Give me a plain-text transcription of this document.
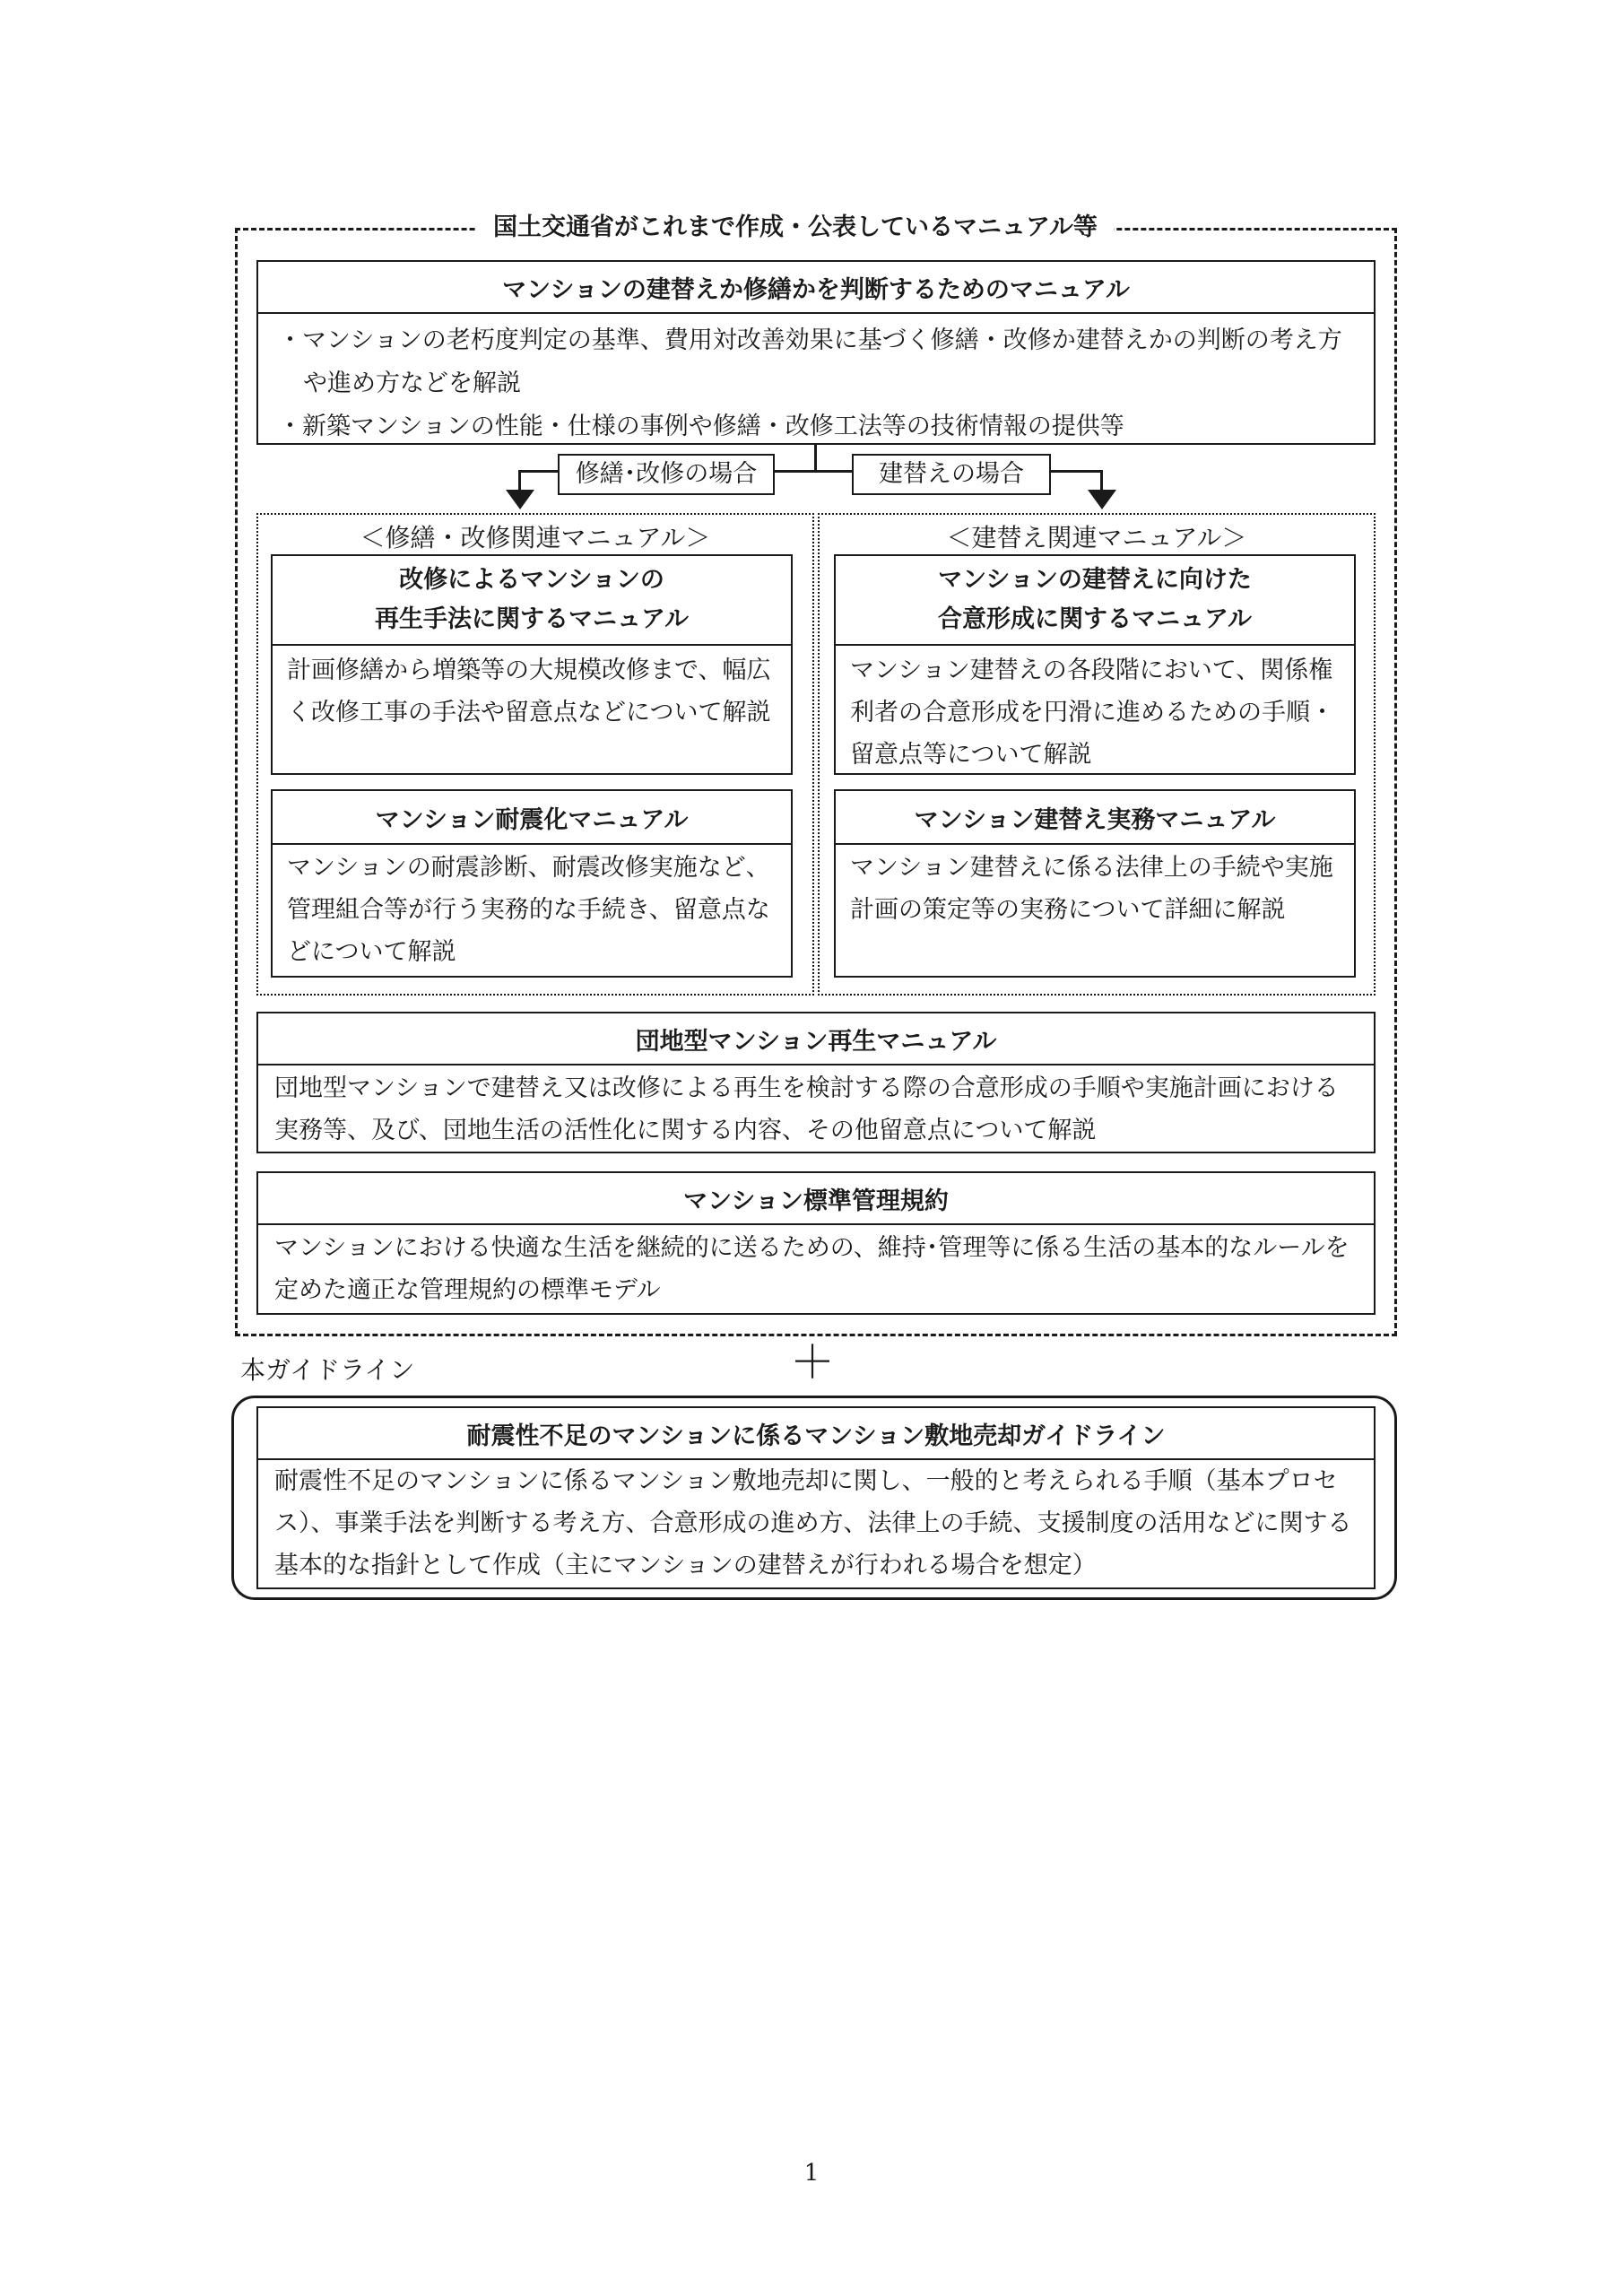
国土交通省がこれまで作成・公表しているマニュアル等
マンションの建替えか修繕かを判断するためのマニュアル
・マンションの老朽度判定の基準、費用対改善効果に基づく修繕・改修か建替えかの判断の考え方や進め方などを解説
・新築マンションの性能・仕様の事例や修繕・改修工法等の技術情報の提供等
修繕･改修の場合	建替えの場合
＜修繕・改修関連マニュアル＞
改修によるマンションの
再生手法に関するマニュアル
計画修繕から増築等の大規模改修まで、幅広く改修工事の手法や留意点などについて解説
マンション耐震化マニュアル
マンションの耐震診断、耐震改修実施など、管理組合等が行う実務的な手続き、留意点などについて解説
＜建替え関連マニュアル＞
マンションの建替えに向けた
合意形成に関するマニュアル
マンション建替えの各段階において、関係権利者の合意形成を円滑に進めるための手順・留意点等について解説
マンション建替え実務マニュアル
マンション建替えに係る法律上の手続や実施計画の策定等の実務について詳細に解説
団地型マンション再生マニュアル
団地型マンションで建替え又は改修による再生を検討する際の合意形成の手順や実施計画における実務等、及び、団地生活の活性化に関する内容、その他留意点について解説
マンション標準管理規約
マンションにおける快適な生活を継続的に送るための、維持･管理等に係る生活の基本的なルールを定めた適正な管理規約の標準モデル
本ガイドライン	＋
耐震性不足のマンションに係るマンション敷地売却ガイドライン
耐震性不足のマンションに係るマンション敷地売却に関し、一般的と考えられる手順（基本プロセス）、事業手法を判断する考え方、合意形成の進め方、法律上の手続、支援制度の活用などに関する基本的な指針として作成（主にマンションの建替えが行われる場合を想定）
1
